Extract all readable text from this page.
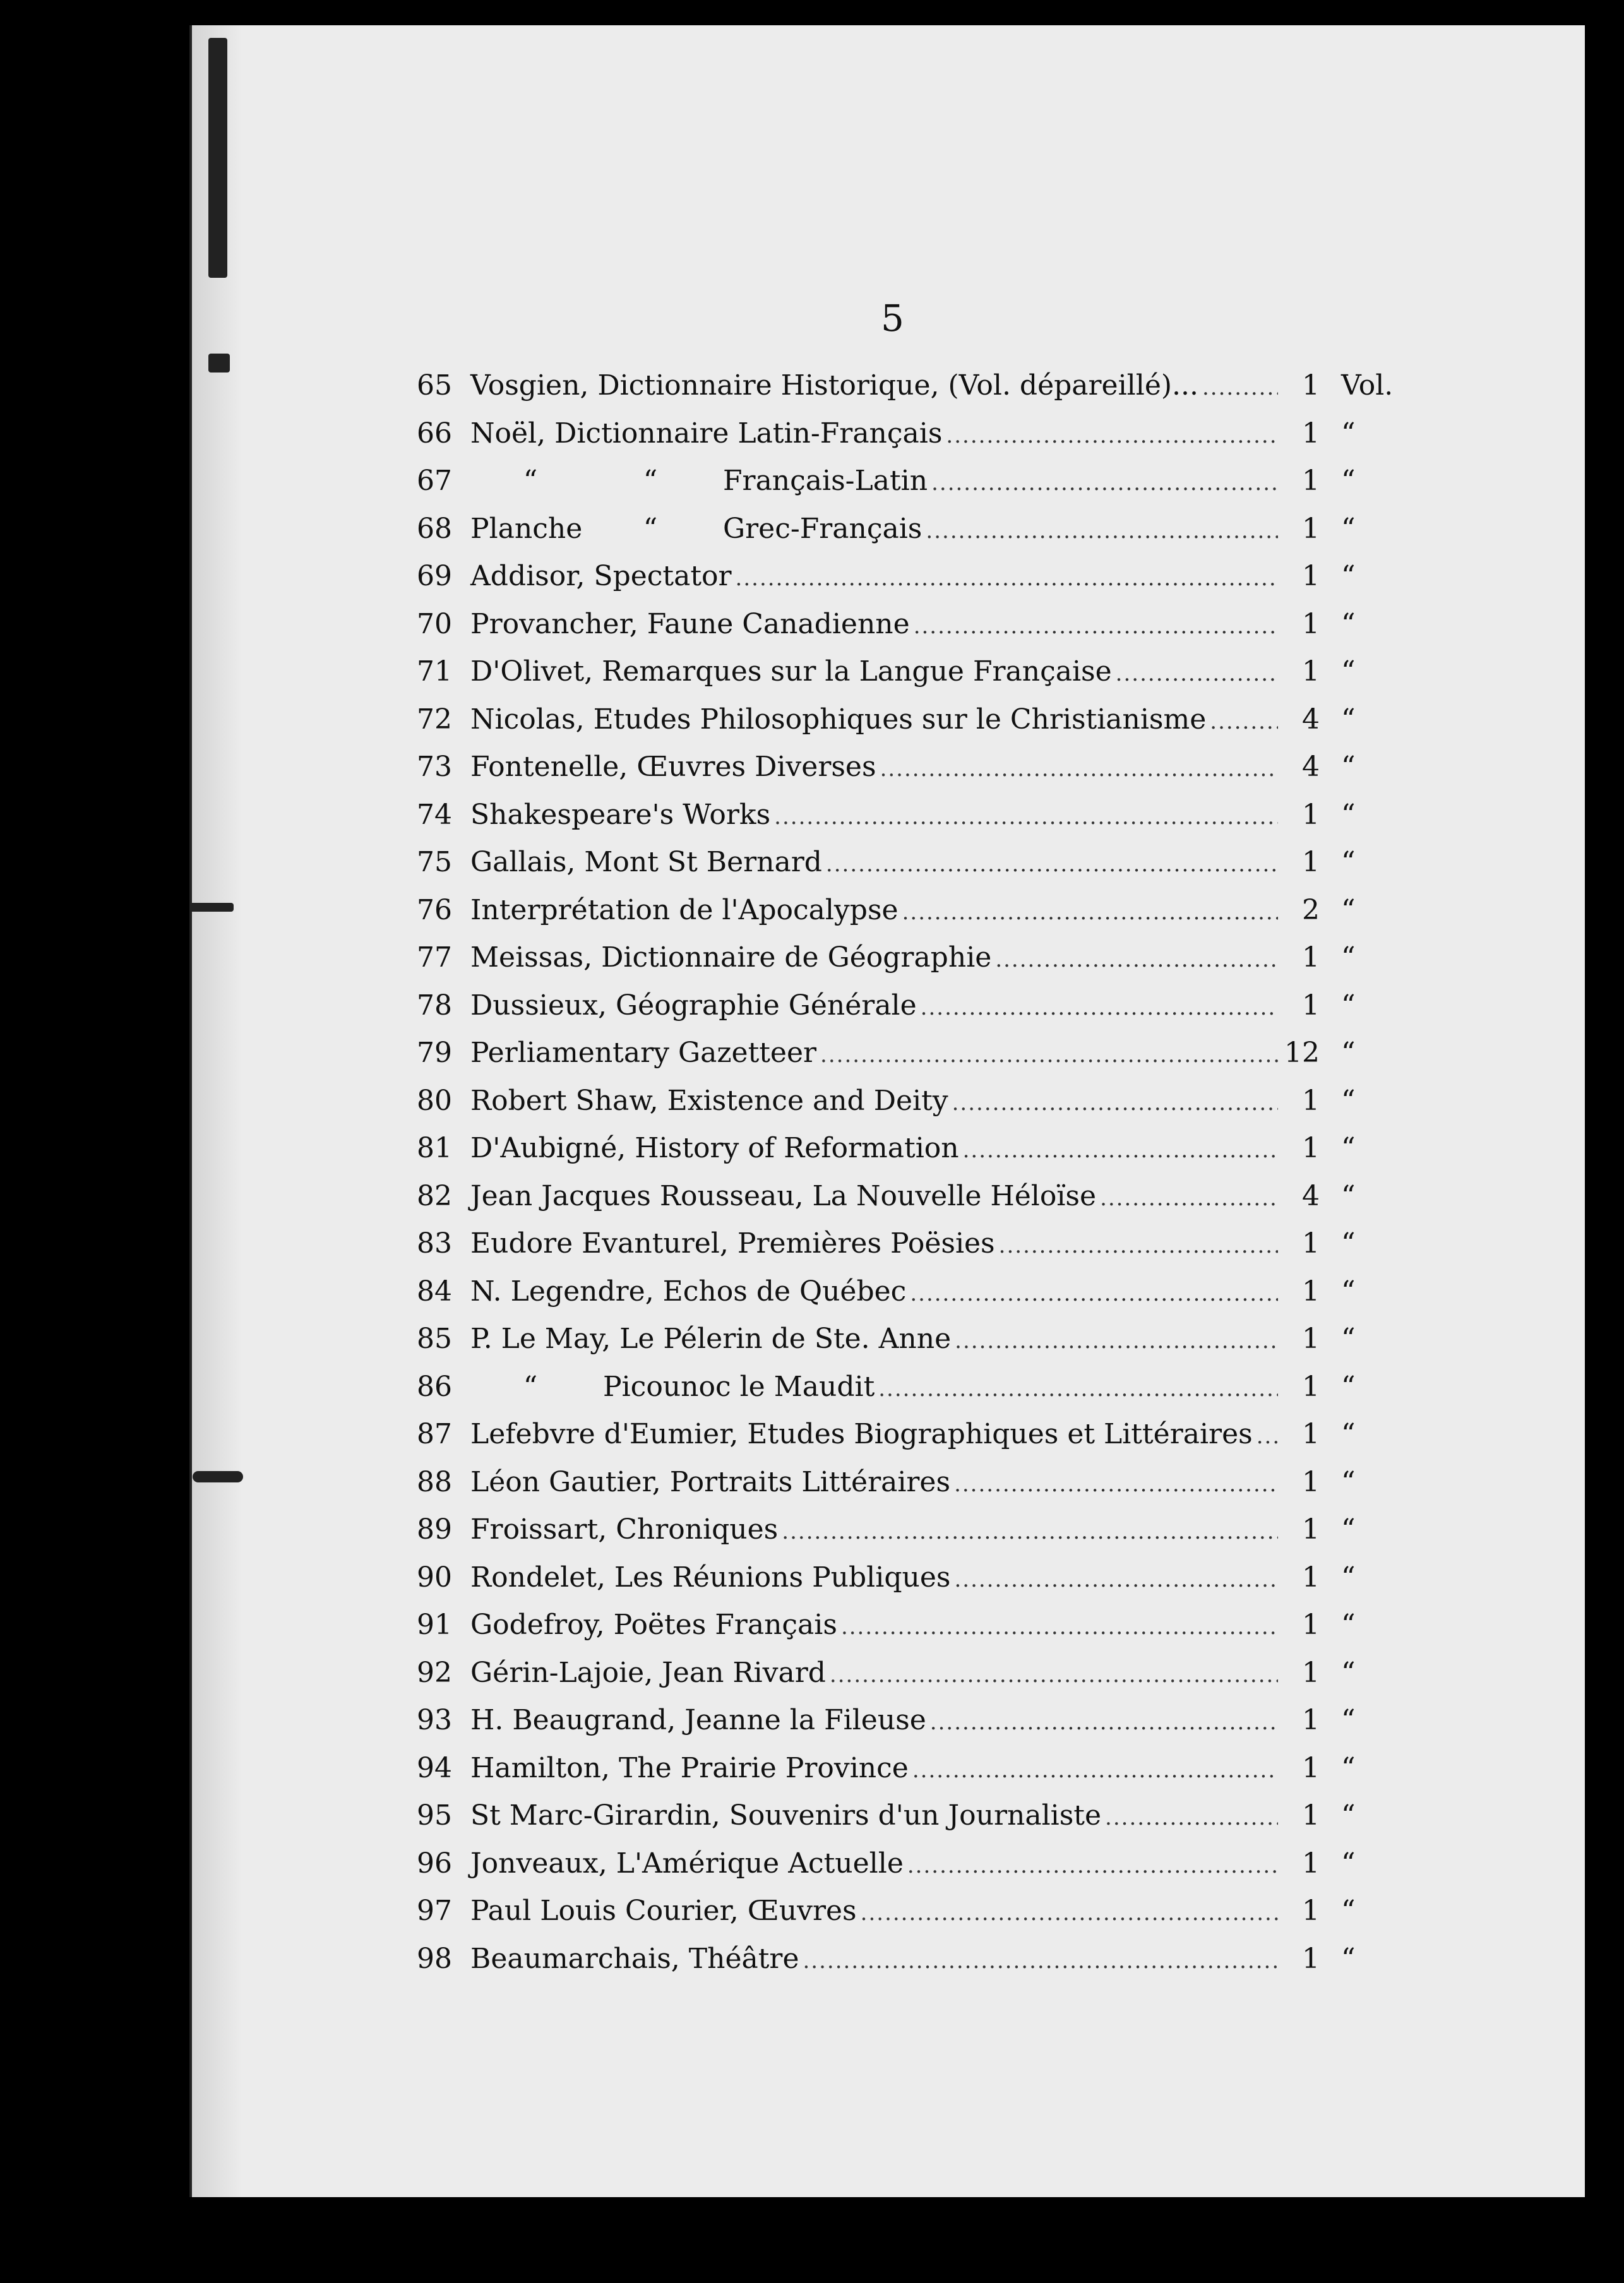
5
65 Vosgien, Dictionnaire Historique, (Vol. dépareillé)... .....	1 Vol.
66 Noël, Dictionnaire Latin-Français .....	1 “
67	“	“ Français-Latin .....	1 “
68 Planche “ Grec-Français .....	1 “
69 Addisor, Spectator .....	1 “
70 Provancher, Faune Canadienne .....	1 “
71 D'Olivet, Remarques sur la Langue Française .....	1 “
72 Nicolas, Etudes Philosophiques sur le Christianisme .....	4 “
73 Fontenelle, Œuvres Diverses .....	4 “
74 Shakespeare's Works .....	1 “
75 Gallais, Mont St Bernard .....	1 “
76 Interprétation de l'Apocalypse .....	2 “
77 Meissas, Dictionnaire de Géographie .....	1 “
78 Dussieux, Géographie Générale .....	1 “
79 Perliamentary Gazetteer .....	12 “
80 Robert Shaw, Existence and Deity .....	1 “
81 D'Aubigné, History of Reformation .....	1 “
82 Jean Jacques Rousseau, La Nouvelle Héloïse .....	4 “
83 Eudore Evanturel, Premières Poësies .....	1 “
84 N. Legendre, Echos de Québec .....	1 “
85 P. Le May, Le Pélerin de Ste. Anne .....	1 “
86	“ Picounoc le Maudit .....	1 “
87 Lefebvre d'Eumier, Etudes Biographiques et Littéraires .....	1 “
88 Léon Gautier, Portraits Littéraires .....	1 “
89 Froissart, Chroniques .....	1 “
90 Rondelet, Les Réunions Publiques .....	1 “
91 Godefroy, Poëtes Français .....	1 “
92 Gérin-Lajoie, Jean Rivard .....	1 “
93 H. Beaugrand, Jeanne la Fileuse .....	1 “
94 Hamilton, The Prairie Province .....	1 “
95 St Marc-Girardin, Souvenirs d'un Journaliste .....	1 “
96 Jonveaux, L'Amérique Actuelle .....	1 “
97 Paul Louis Courier, Œuvres .....	1 “
98 Beaumarchais, Théâtre .....	1 “
